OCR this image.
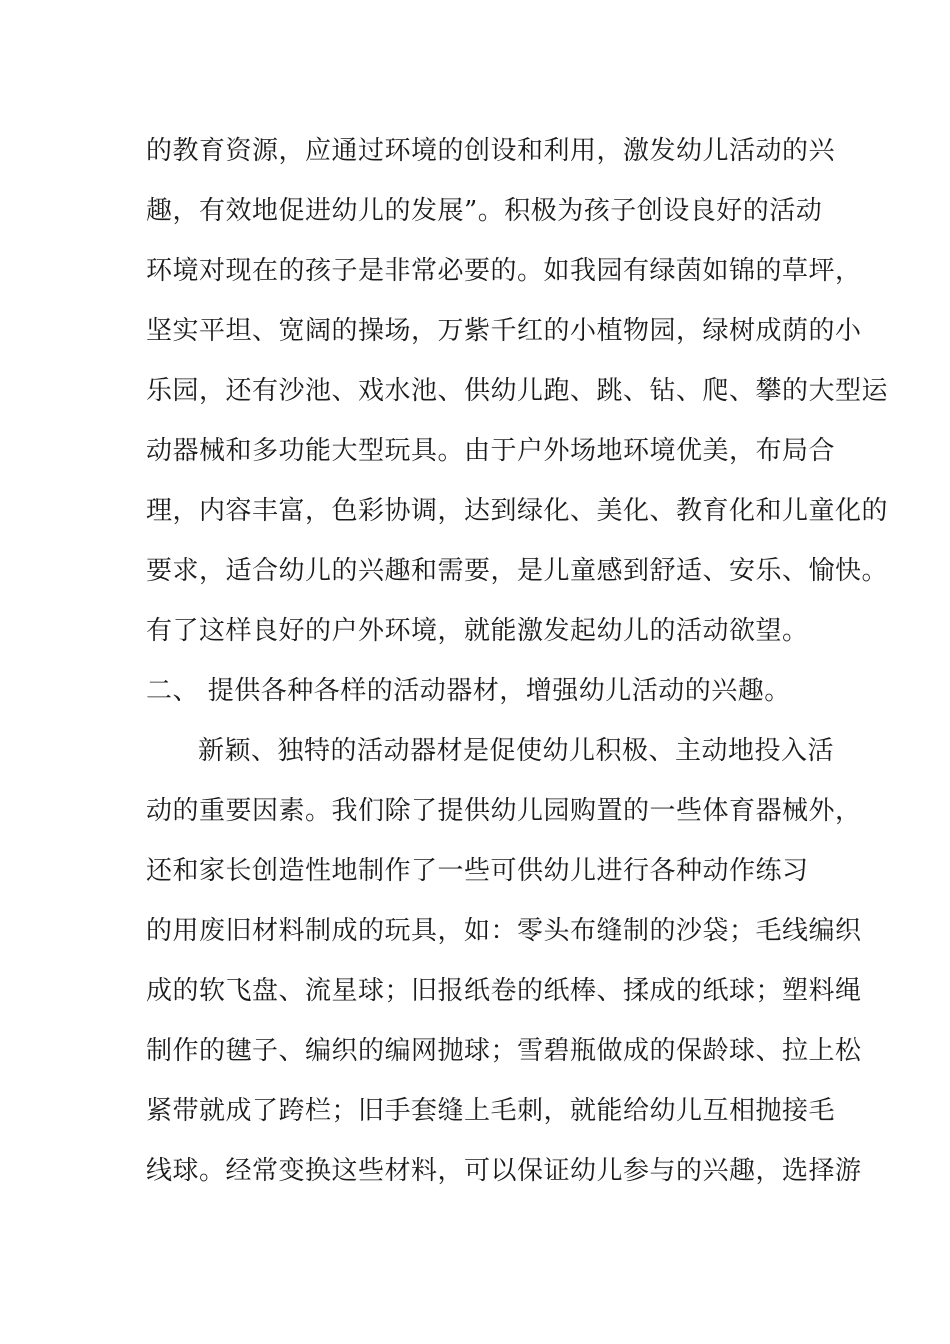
的教育资源，应通过环境的创设和利用，激发幼儿活动的兴
趣，有效地促进幼儿的发展”。积极为孩子创设良好的活动
环境对现在的孩子是非常必要的。如我园有绿茵如锦的草坪，
坚实平坦、宽阔的操场，万紫千红的小植物园，绿树成荫的小
乐园，还有沙池、戏水池、供幼儿跑、跳、钻、爬、攀的大型运
动器械和多功能大型玩具。由于户外场地环境优美，布局合
理，内容丰富，色彩协调，达到绿化、美化、教育化和儿童化的
要求，适合幼儿的兴趣和需要，是儿童感到舒适、安乐、愉快。
有了这样良好的户外环境，就能激发起幼儿的活动欲望。
二、 提供各种各样的活动器材，增强幼儿活动的兴趣。
新颖、独特的活动器材是促使幼儿积极、主动地投入活
动的重要因素。我们除了提供幼儿园购置的一些体育器械外，
还和家长创造性地制作了一些可供幼儿进行各种动作练习
的用废旧材料制成的玩具，如：零头布缝制的沙袋；毛线编织
成的软飞盘、流星球；旧报纸卷的纸棒、揉成的纸球；塑料绳
制作的毽子、编织的编网抛球；雪碧瓶做成的保龄球、拉上松
紧带就成了跨栏；旧手套缝上毛刺，就能给幼儿互相抛接毛
线球。经常变换这些材料，可以保证幼儿参与的兴趣，选择游
